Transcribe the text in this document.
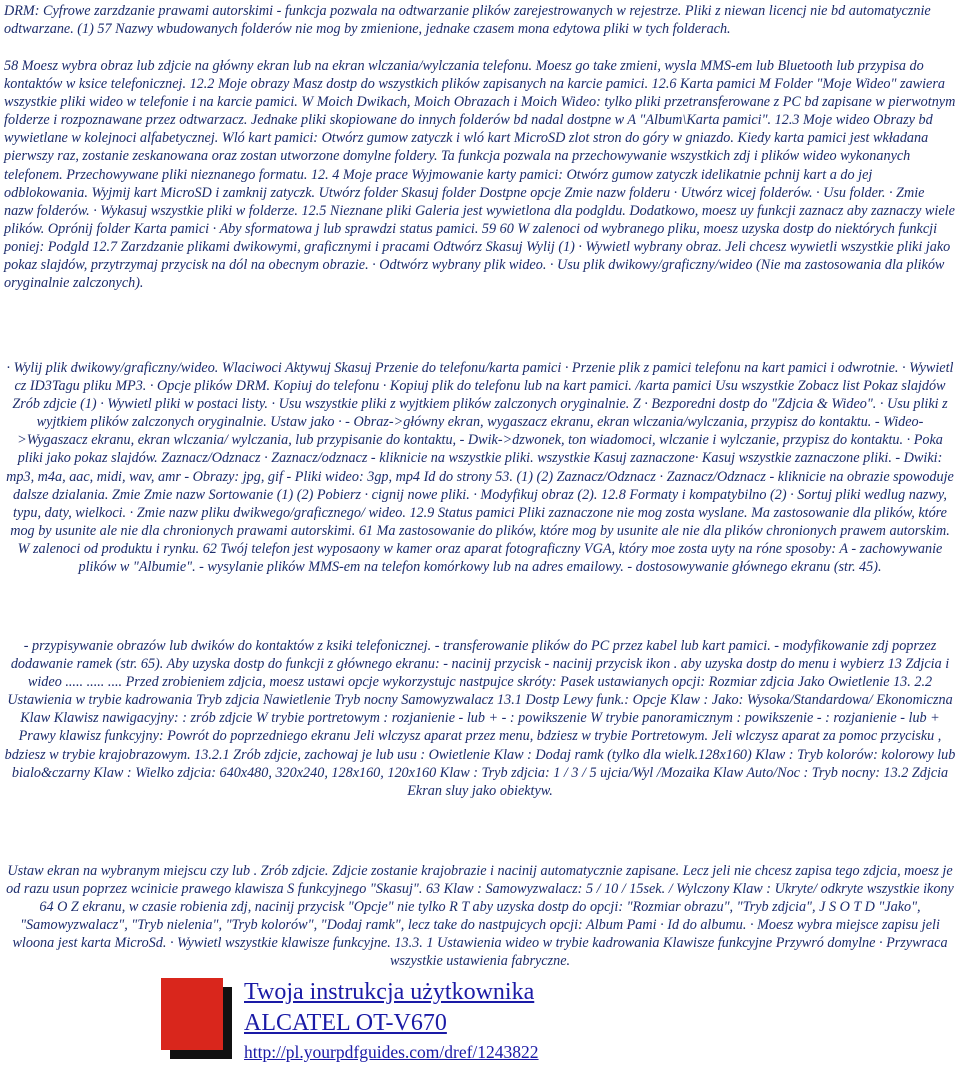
DRM: Cyfrowe zarzdzanie prawami autorskimi - funkcja pozwala na odtwarzanie plików zarejestrowanych w rejestrze. Pliki z niewan licencj nie bd automatycznie odtwarzane. (1) 57 Nazwy wbudowanych folderów nie mog by zmienione, jednake czasem mona edytowa pliki w tych folderach.

58 Moesz wybra obraz lub zdjcie na główny ekran lub na ekran wlczania/wylczania telefonu. Moesz go take zmieni, wysla MMS-em lub Bluetooth lub przypisa do kontaktów w ksice telefonicznej. 12.2 Moje obrazy Masz dostp do wszystkich plików zapisanych na karcie pamici. 12.6 Karta pamici M Folder "Moje Wideo" zawiera wszystkie pliki wideo w telefonie i na karcie pamici. W Moich Dwikach, Moich Obrazach i Moich Wideo: tylko pliki przetransferowane z PC bd zapisane w pierwotnym folderze i rozpoznawane przez odtwarzacz. Jednake pliki skopiowane do innych folderów bd nadal dostpne w A "Album\Karta pamici". 12.3 Moje wideo Obrazy bd wywietlane w kolejnoci alfabetycznej. Wló kart pamici: Otwórz gumow zatyczk i wló kart MicroSD zlot stron do góry w gniazdo. Kiedy karta pamici jest wkładana pierwszy raz, zostanie zeskanowana oraz zostan utworzone domylne foldery. Ta funkcja pozwala na przechowywanie wszystkich zdj i plików wideo wykonanych telefonem. Przechowywane pliki nieznanego formatu. 12. 4 Moje prace Wyjmowanie karty pamici: Otwórz gumow zatyczk idelikatnie pchnij kart a do jej odblokowania. Wyjmij kart MicroSD i zamknij zatyczk. Utwórz folder Skasuj folder Dostpne opcje Zmie nazw folderu · Utwórz wicej folderów. · Usu folder. · Zmie nazw folderów. · Wykasuj wszystkie pliki w folderze. 12.5 Nieznane pliki Galeria jest wywietlona dla podgldu. Dodatkowo, moesz uy funkcji zaznacz aby zaznaczy wiele plików. Oprónij folder Karta pamici · Aby sformatowa j lub sprawdzi status pamici. 59 60 W zalenoci od wybranego pliku, moesz uzyska dostp do niektórych funkcji poniej: Podgld 12.7 Zarzdzanie plikami dwikowymi, graficznymi i pracami Odtwórz Skasuj Wylij (1) · Wywietl wybrany obraz. Jeli chcesz wywietli wszystkie pliki jako pokaz slajdów, przytrzymaj przycisk na dól na obecnym obrazie. · Odtwórz wybrany plik wideo. · Usu plik dwikowy/graficzny/wideo (Nie ma zastosowania dla plików oryginalnie zalczonych).

· Wylij plik dwikowy/graficzny/wideo. Wlaciwoci Aktywuj Skasuj Przenie do telefonu/karta pamici · Przenie plik z pamici telefonu na kart pamici i odwrotnie. · Wywietl cz ID3Tagu pliku MP3. · Opcje plików DRM. Kopiuj do telefonu · Kopiuj plik do telefonu lub na kart pamici. /karta pamici Usu wszystkie Zobacz list Pokaz slajdów Zrób zdjcie (1) · Wywietl pliki w postaci listy. · Usu wszystkie pliki z wyjtkiem plików zalczonych oryginalnie. Z · Bezporedni dostp do "Zdjcia & Wideo". · Usu pliki z wyjtkiem plików zalczonych oryginalnie. Ustaw jako · - Obraz->główny ekran, wygaszacz ekranu, ekran wlczania/wylczania, przypisz do kontaktu. - Wideo->Wygaszacz ekranu, ekran wlczania/ wylczania, lub przypisanie do kontaktu, - Dwik->dzwonek, ton wiadomoci, wlczanie i wylczanie, przypisz do kontaktu. · Poka pliki jako pokaz slajdów. Zaznacz/Odznacz · Zaznacz/odznacz - kliknicie na wszystkie pliki. wszystkie Kasuj zaznaczone· Kasuj wszystkie zaznaczone pliki. - Dwiki: mp3, m4a, aac, midi, wav, amr - Obrazy: jpg, gif - Pliki wideo: 3gp, mp4 Id do strony 53. (1) (2) Zaznacz/Odznacz · Zaznacz/Odznacz - kliknicie na obrazie spowoduje dalsze dzialania. Zmie Zmie nazw Sortowanie (1) (2) Pobierz · cignij nowe pliki. · Modyfikuj obraz (2). 12.8 Formaty i kompatybilno (2) · Sortuj pliki wedlug nazwy, typu, daty, wielkoci. · Zmie nazw pliku dwikwego/graficznego/ wideo. 12.9 Status pamici Pliki zaznaczone nie mog zosta wyslane. Ma zastosowanie dla plików, które mog by usunite ale nie dla chronionych prawami autorskimi. 61 Ma zastosowanie do plików, które mog by usunite ale nie dla plików chronionych prawem autorskim. W zalenoci od produktu i rynku. 62 Twój telefon jest wyposaony w kamer oraz aparat fotograficzny VGA, który moe zosta uyty na róne sposoby: A - zachowywanie plików w "Albumie". - wysylanie plików MMS-em na telefon komórkowy lub na adres emailowy. - dostosowywanie głównego ekranu (str. 45).

- przypisywanie obrazów lub dwików do kontaktów z ksiki telefonicznej. - transferowanie plików do PC przez kabel lub kart pamici. - modyfikowanie zdj poprzez dodawanie ramek (str. 65). Aby uzyska dostp do funkcji z głównego ekranu: - nacinij przycisk - nacinij przycisk ikon . aby uzyska dostp do menu i wybierz 13 Zdjcia i wideo ..... ..... .... Przed zrobieniem zdjcia, moesz ustawi opcje wykorzystujc nastpujce skróty: Pasek ustawianych opcji: Rozmiar zdjcia Jako Owietlenie 13. 2.2 Ustawienia w trybie kadrowania Tryb zdjcia Nawietlenie Tryb nocny Samowyzwalacz 13.1 Dostp Lewy funk.: Opcje Klaw : Jako: Wysoka/Standardowa/ Ekonomiczna Klaw Klawisz nawigacyjny: : zrób zdjcie W trybie portretowym : rozjanienie - lub + - : powikszenie W trybie panoramicznym : powikszenie - : rozjanienie - lub + Prawy klawisz funkcyjny: Powrót do poprzedniego ekranu Jeli wlczysz aparat przez menu, bdziesz w trybie Portretowym. Jeli wlczysz aparat za pomoc przycisku , bdziesz w trybie krajobrazowym. 13.2.1 Zrób zdjcie, zachowaj je lub usu : Owietlenie Klaw : Dodaj ramk (tylko dla wielk.128x160) Klaw : Tryb kolorów: kolorowy lub bialo&czarny Klaw : Wielko zdjcia: 640x480, 320x240, 128x160, 120x160 Klaw : Tryb zdjcia: 1 / 3 / 5 ujcia/Wyl /Mozaika Klaw Auto/Noc : Tryb nocny: 13.2 Zdjcia Ekran sluy jako obiektyw.

Ustaw ekran na wybranym miejscu czy lub . Zrób zdjcie. Zdjcie zostanie krajobrazie i nacinij automatycznie zapisane. Lecz jeli nie chcesz zapisa tego zdjcia, moesz je od razu usun poprzez wcinicie prawego klawisza S funkcyjnego "Skasuj". 63 Klaw : Samowyzwalacz: 5 / 10 / 15sek. / Wylczony Klaw : Ukryte/ odkryte wszystkie ikony 64 O Z ekranu, w czasie robienia zdj, nacinij przycisk "Opcje" nie tylko R T aby uzyska dostp do opcji: "Rozmiar obrazu", "Tryb zdjcia", J S O T D "Jako", "Samowyzwalacz", "Tryb nielenia", "Tryb kolorów", "Dodaj ramk", lecz take do nastpujcych opcji: Album Pami · Id do albumu. · Moesz wybra miejsce zapisu jeli wloona jest karta MicroSd. · Wywietl wszystkie klawisze funkcyjne. 13.3. 1 Ustawienia wideo w trybie kadrowania Klawisze funkcyjne Przywró domylne · Przywraca wszystkie ustawienia fabryczne.

Twoja instrukcja użytkownika
ALCATEL OT-V670
http://pl.yourpdfguides.com/dref/1243822
